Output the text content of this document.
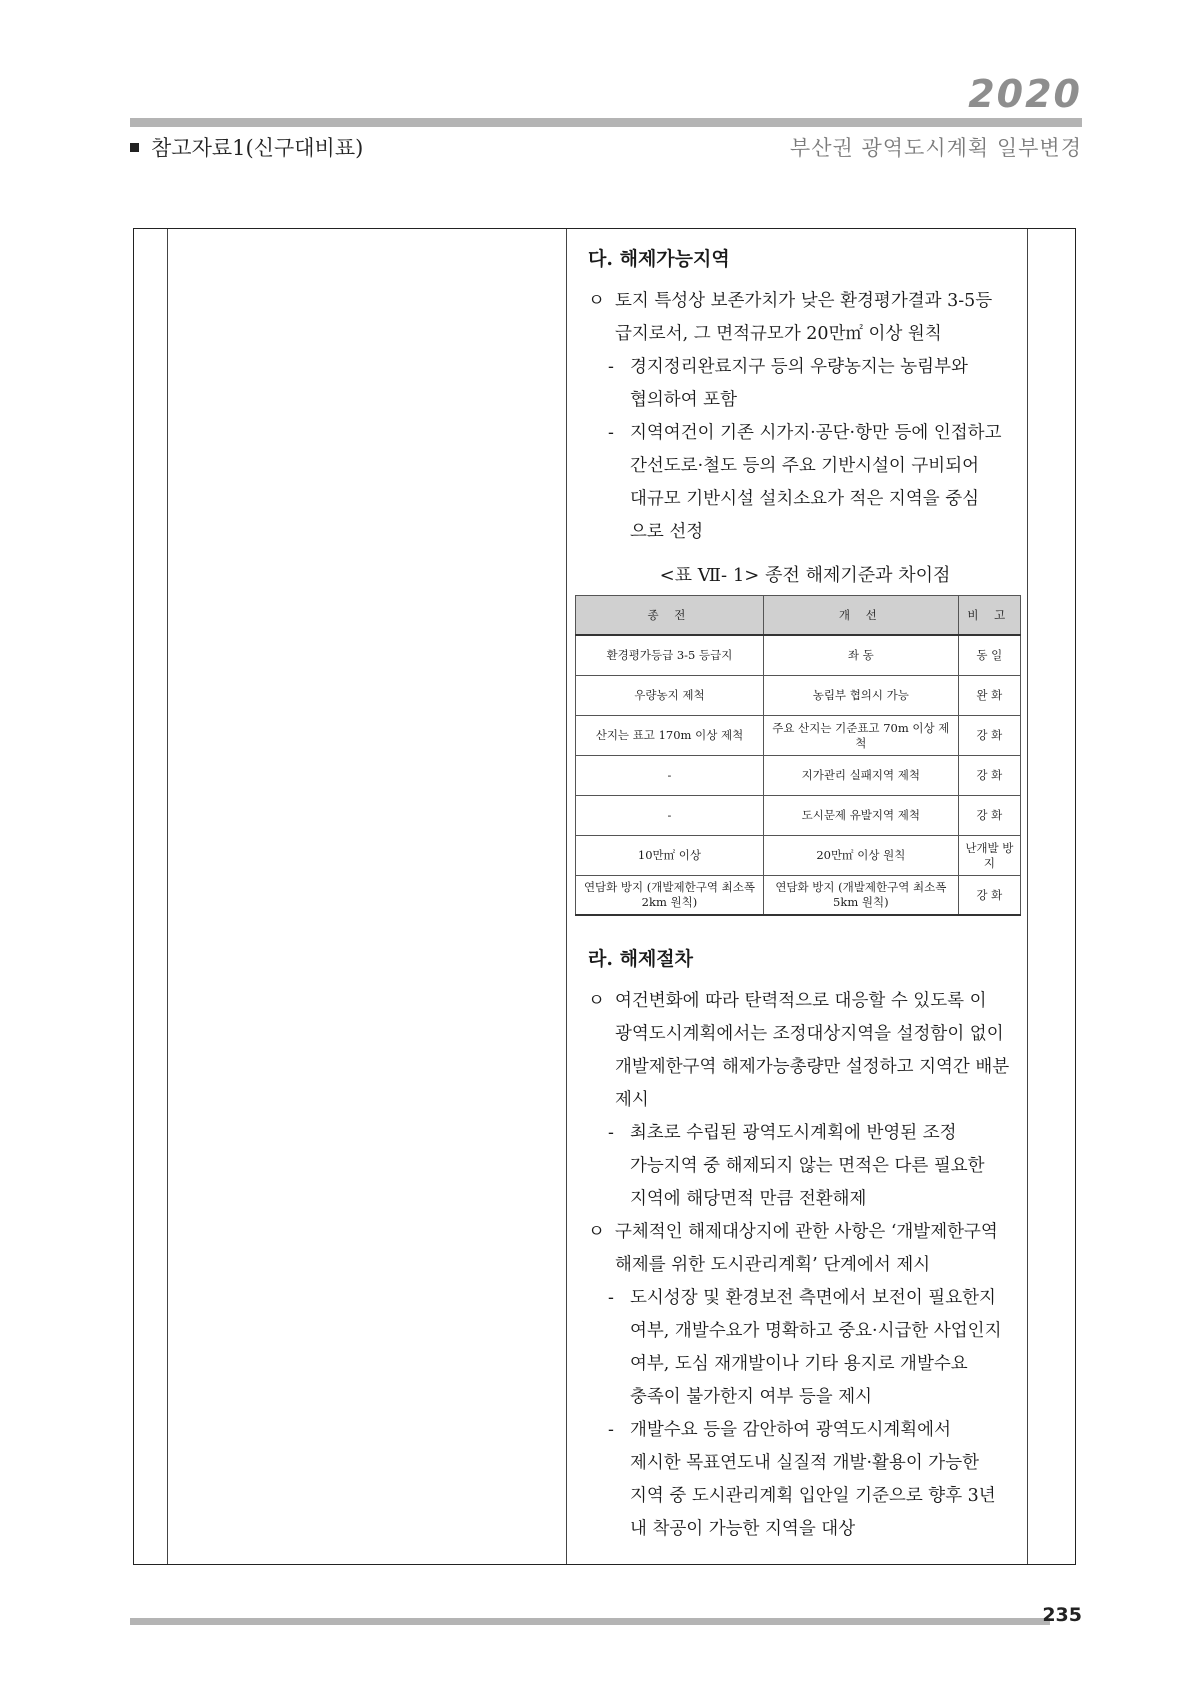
2020
참고자료1(신구대비표)	부산권 광역도시계획 일부변경
다. 해제가능지역
ㅇ 토지 특성상 보존가치가 낮은 환경평가결과 3-5등
급지로서, 그 면적규모가 20만㎡ 이상 원칙
- 경지정리완료지구 등의 우량농지는 농림부와
협의하여 포함
- 지역여건이 기존 시가지·공단·항만 등에 인접하고
간선도로·철도 등의 주요 기반시설이 구비되어
대규모 기반시설 설치소요가 적은 지역을 중심
으로 선정
<표 Ⅶ- 1> 종전 해제기준과 차이점
종 전	개 선	비 고
환경평가등급 3-5 등급지	좌 동	동 일
우량농지 제척	농림부 협의시 가능	완 화
산지는 표고 170m 이상 제척	주요 산지는 기준표고 70m 이상 제척	강 화
-	지가관리 실패지역 제척	강 화
-	도시문제 유발지역 제척	강 화
10만㎡ 이상	20만㎡ 이상 원칙	난개발 방지
연담화 방지 (개발제한구역 최소폭 2km 원칙)	연담화 방지 (개발제한구역 최소폭 5km 원칙)	강 화
라. 해제절차
ㅇ 여건변화에 따라 탄력적으로 대응할 수 있도록 이
광역도시계획에서는 조정대상지역을 설정함이 없이
개발제한구역 해제가능총량만 설정하고 지역간 배분
제시
- 최초로 수립된 광역도시계획에 반영된 조정
가능지역 중 해제되지 않는 면적은 다른 필요한
지역에 해당면적 만큼 전환해제
ㅇ 구체적인 해제대상지에 관한 사항은 ‘개발제한구역
해제를 위한 도시관리계획’ 단계에서 제시
- 도시성장 및 환경보전 측면에서 보전이 필요한지
여부, 개발수요가 명확하고 중요·시급한 사업인지
여부, 도심 재개발이나 기타 용지로 개발수요
충족이 불가한지 여부 등을 제시
- 개발수요 등을 감안하여 광역도시계획에서
제시한 목표연도내 실질적 개발·활용이 가능한
지역 중 도시관리계획 입안일 기준으로 향후 3년
내 착공이 가능한 지역을 대상
235
